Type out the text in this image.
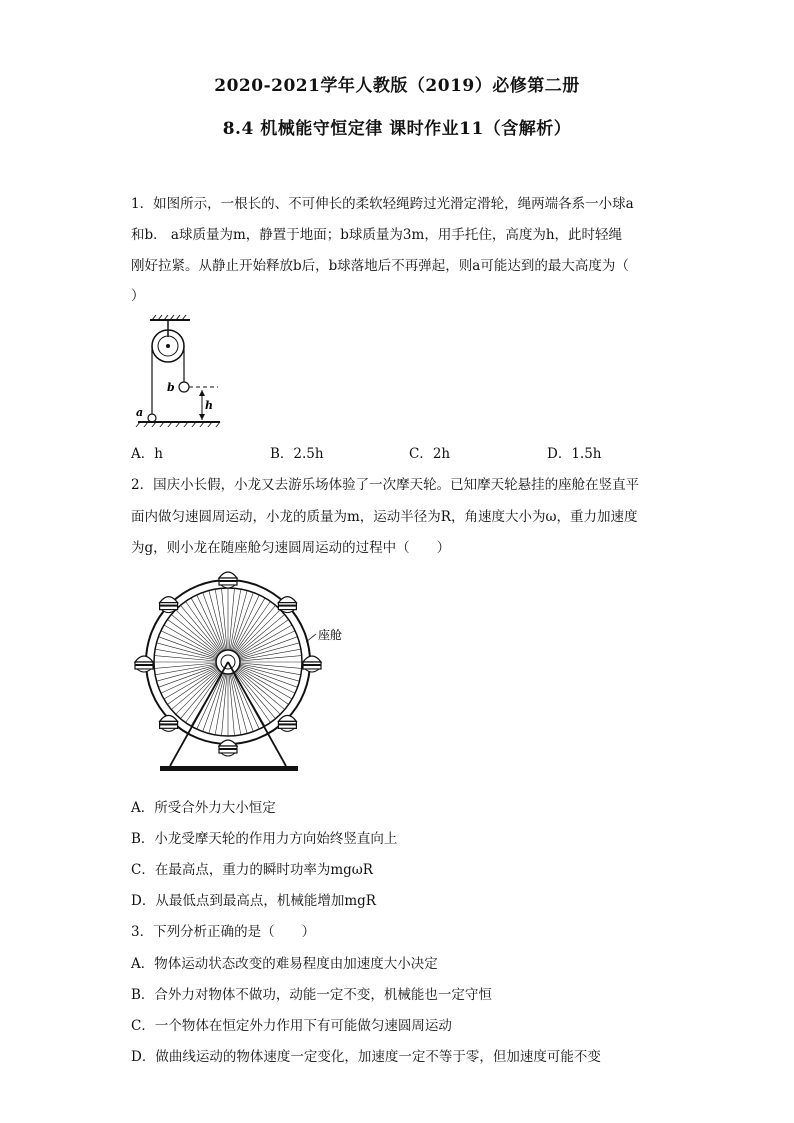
2020-2021学年人教版（2019）必修第二册
8.4 机械能守恒定律 课时作业11（含解析）
1．如图所示，一根长的、不可伸长的柔软轻绳跨过光滑定滑轮，绳两端各系一小球a
和b． a球质量为m，静置于地面；b球质量为3m，用手托住，高度为h，此时轻绳
刚好拉紧。从静止开始释放b后，b球落地后不再弹起，则a可能达到的最大高度为（
）
h
b
a
A．h	B．2.5h	C．2h	D．1.5h
2．国庆小长假，小龙又去游乐场体验了一次摩天轮。已知摩天轮悬挂的座舱在竖直平
面内做匀速圆周运动，小龙的质量为m，运动半径为R，角速度大小为ω，重力加速度
为g，则小龙在随座舱匀速圆周运动的过程中（　　）
座舱
A．所受合外力大小恒定
B．小龙受摩天轮的作用力方向始终竖直向上
C．在最高点，重力的瞬时功率为mgωR
D．从最低点到最高点，机械能增加mgR
3．下列分析正确的是（　　）
A．物体运动状态改变的难易程度由加速度大小决定
B．合外力对物体不做功，动能一定不变，机械能也一定守恒
C．一个物体在恒定外力作用下有可能做匀速圆周运动
D．做曲线运动的物体速度一定变化，加速度一定不等于零，但加速度可能不变
